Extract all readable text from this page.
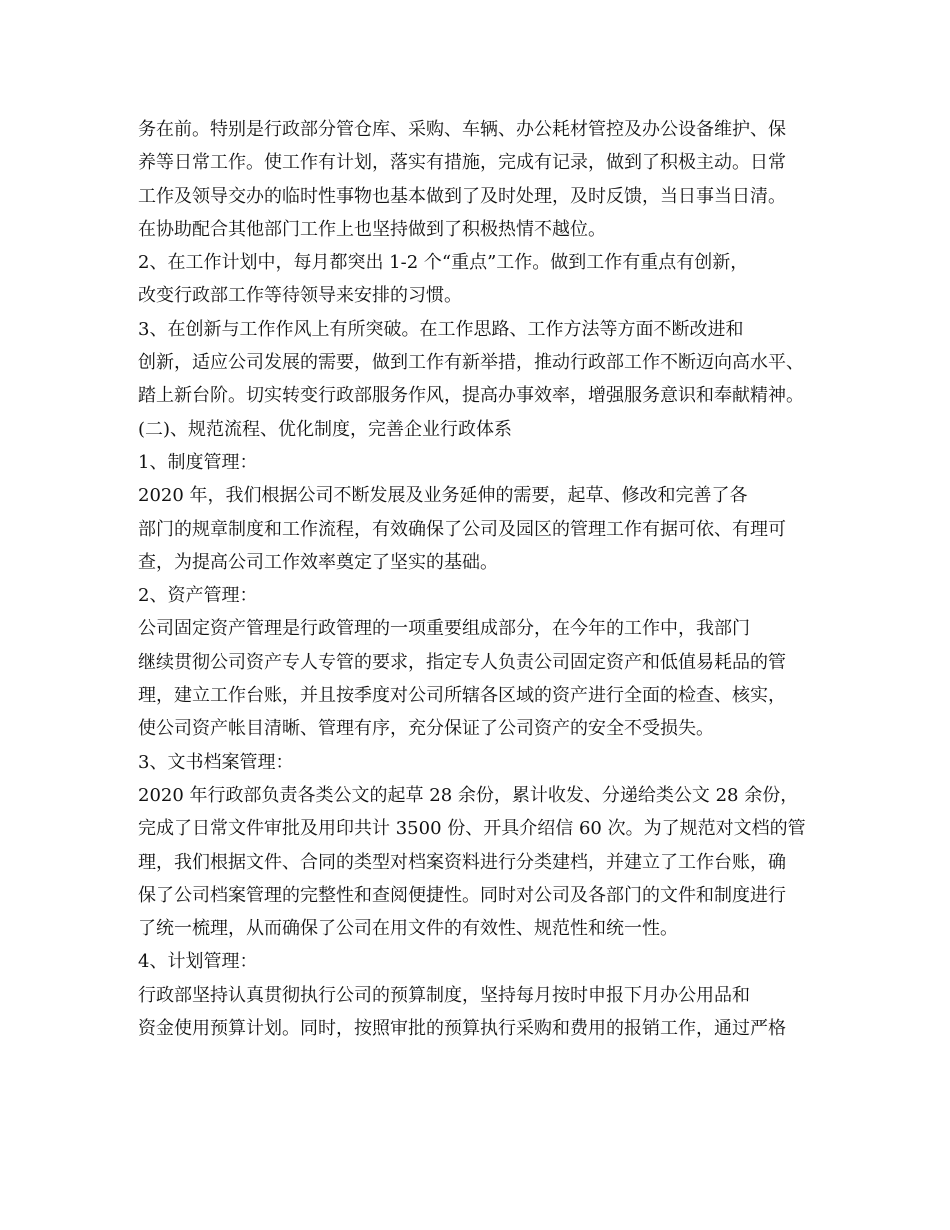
务在前。特别是行政部分管仓库、采购、车辆、办公耗材管控及办公设备维护、保
养等日常工作。使工作有计划，落实有措施，完成有记录，做到了积极主动。日常
工作及领导交办的临时性事物也基本做到了及时处理，及时反馈，当日事当日清。
在协助配合其他部门工作上也坚持做到了积极热情不越位。
2、在工作计划中，每月都突出 1-2 个“重点”工作。做到工作有重点有创新，
改变行政部工作等待领导来安排的习惯。
3、在创新与工作作风上有所突破。在工作思路、工作方法等方面不断改进和
创新，适应公司发展的需要，做到工作有新举措，推动行政部工作不断迈向高水平、
踏上新台阶。切实转变行政部服务作风，提高办事效率，增强服务意识和奉献精神。
(二)、规范流程、优化制度，完善企业行政体系
1、制度管理：
2020 年，我们根据公司不断发展及业务延伸的需要，起草、修改和完善了各
部门的规章制度和工作流程，有效确保了公司及园区的管理工作有据可依、有理可
查，为提高公司工作效率奠定了坚实的基础。
2、资产管理：
公司固定资产管理是行政管理的一项重要组成部分，在今年的工作中，我部门
继续贯彻公司资产专人专管的要求，指定专人负责公司固定资产和低值易耗品的管
理，建立工作台账，并且按季度对公司所辖各区域的资产进行全面的检查、核实，
使公司资产帐目清晰、管理有序，充分保证了公司资产的安全不受损失。
3、文书档案管理：
2020 年行政部负责各类公文的起草 28 余份，累计收发、分递给类公文 28 余份，
完成了日常文件审批及用印共计 3500 份、开具介绍信 60 次。为了规范对文档的管
理，我们根据文件、合同的类型对档案资料进行分类建档，并建立了工作台账，确
保了公司档案管理的完整性和查阅便捷性。同时对公司及各部门的文件和制度进行
了统一梳理，从而确保了公司在用文件的有效性、规范性和统一性。
4、计划管理：
行政部坚持认真贯彻执行公司的预算制度，坚持每月按时申报下月办公用品和
资金使用预算计划。同时，按照审批的预算执行采购和费用的报销工作，通过严格
